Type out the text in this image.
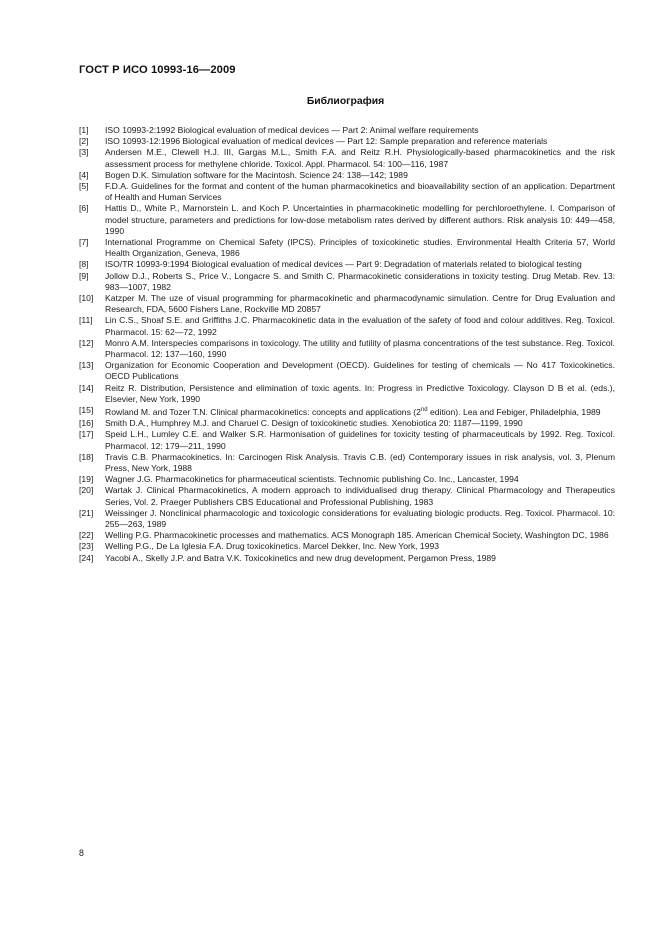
ГОСТ Р ИСО 10993-16—2009
Библиография
[1]	ISO 10993-2:1992 Biological evaluation of medical devices — Part 2: Animal welfare requirements
[2]	ISO 10993-12:1996 Biological evaluation of medical devices — Part 12: Sample preparation and reference materials
[3]	Andersen M.E., Clewell H.J. III, Gargas M.L., Smith F.A. and Reitz R.H. Physiologically-based pharmacokinetics and the risk assessment process for methylene chloride. Toxicol. Appl. Pharmacol. 54: 100—116, 1987
[4]	Bogen D.K. Simulation software for the Macintosh. Science 24: 138—142; 1989
[5]	F.D.A. Guidelines for the format and content of the human pharmacokinetics and bioavailability section of an application. Department of Health and Human Services
[6]	Hattis D., White P., Marnorstein L. and Koch P. Uncertainties in pharmacokinetic modelling for perchloroethylene. I. Comparison of model structure, parameters and predictions for low-dose metabolism rates derived by different authors. Risk analysis 10: 449—458, 1990
[7]	International Programme on Chemical Safety (IPCS). Principles of toxicokinetic studies. Environmental Health Criteria 57, World Health Organization, Geneva, 1986
[8]	ISO/TR 10993-9:1994 Biological evaluation of medical devices — Part 9: Degradation of materials related to biological testing
[9]	Jollow D.J., Roberts S., Price V., Longacre S. and Smith C. Pharmacokinetic considerations in toxicity testing. Drug Metab. Rev. 13: 983—1007, 1982
[10]	Katzper M. The uze of visual programming for pharmacokinetic and pharmacodynamic simulation. Centre for Drug Evaluation and Research, FDA, 5600 Fishers Lane, Rockville MD 20857
[11]	Lin C.S., Shoaf S.E. and Griffiths J.C. Pharmacokinetic data in the evaluation of the safety of food and colour additives. Reg. Toxicol. Pharmacol. 15: 62—72, 1992
[12]	Monro A.M. Interspecies comparisons in toxicology. The utility and futility of plasma concentrations of the test substance. Reg. Toxicol. Pharmacol. 12: 137—160, 1990
[13]	Organization for Economic Cooperation and Development (OECD). Guidelines for testing of chemicals — No 417 Toxicokinetics. OECD Publications
[14]	Reitz R. Distribution, Persistence and elimination of toxic agents. In: Progress in Predictive Toxicology. Clayson D B et al. (eds.), Elsevier, New York, 1990
[15]	Rowland M. and Tozer T.N. Clinical pharmacokinetics: concepts and applications (2nd edition). Lea and Febiger, Philadelphia, 1989
[16]	Smith D.A., Humphrey M.J. and Charuel C. Design of toxicokinetic studies. Xenobiotica 20: 1187—1199, 1990
[17]	Speid L.H., Lumley C.E. and Walker S.R. Harmonisation of guidelines for toxicity testing of pharmaceuticals by 1992. Reg. Toxicol. Pharmacol. 12: 179—211, 1990
[18]	Travis C.B. Pharmacokinetics. In: Carcinogen Risk Analysis. Travis C.B. (ed) Contemporary issues in risk analysis, vol. 3, Plenum Press, New York, 1988
[19]	Wagner J.G. Pharmacokinetics for pharmaceutical scientists. Technomic publishing Co. Inc., Lancaster, 1994
[20]	Wartak J. Clinical Pharmacokinetics, A modern approach to individualised drug therapy. Clinical Pharmacology and Therapeutics Series, Vol. 2. Praeger Publishers CBS Educational and Professional Publishing, 1983
[21]	Weissinger J. Nonclinical pharmacologic and toxicologic considerations for evaluating biologic products. Reg. Toxicol. Pharmacol. 10: 255—263, 1989
[22]	Welling P.G. Pharmacokinetic processes and mathematics. ACS Monograph 185. American Chemical Society, Washington DC, 1986
[23]	Welling P.G., De La Iglesia F.A. Drug toxicokinetics. Marcel Dekker, Inc. New York, 1993
[24]	Yacobi A., Skelly J.P. and Batra V.K. Toxicokinetics and new drug development, Pergamon Press, 1989
8
